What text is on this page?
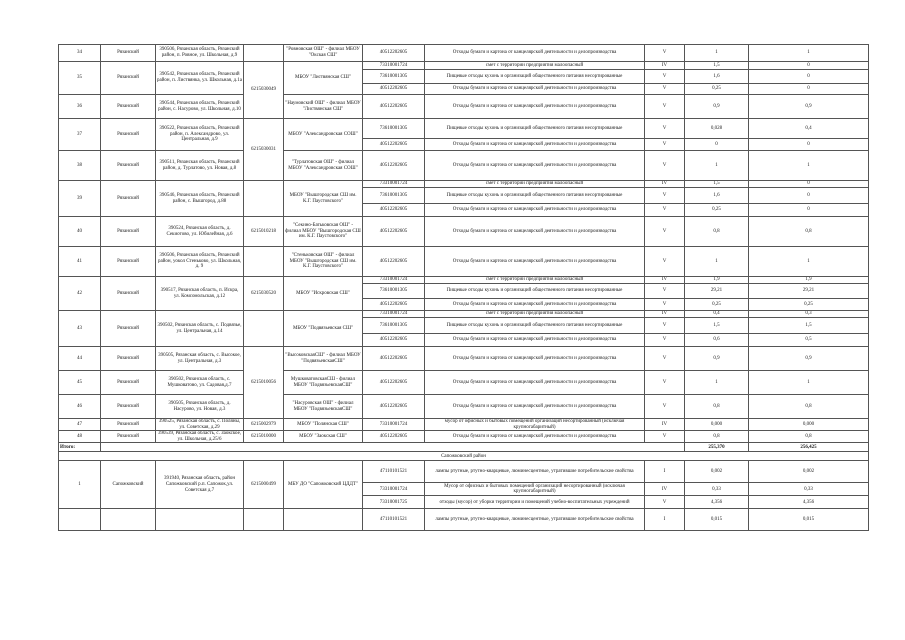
34	Рязанский	390506, Рязанская область, Рязанский район, п. Ровное, ул. Школьная, д.9		"Ровновская ОШ" - филиал МБОУ "Окская СШ"	40512202605	Отходы бумаги и картона от канцелярской деятельности и делопроизводства	V	1	1
35	Рязанский	390542, Рязанская область, Рязанский район, п. Листвянка, ул. Школьная, д.1а	6215030049	МБОУ "Листвянская СШ"	73310001724	смет с территории предприятия малоопасный	IV	1,5	0
					73610001305	Пищевые отходы кухонь и организаций общественного питания несортированные	V	1,6	0
					40512202605	Отходы бумаги и картона от канцелярской деятельности и делопроизводства	V	0,25	0
36	Рязанский	390544, Рязанская область, Рязанский район, с. Насурово, ул. Школьная, д.10		"Наумовский ОШ" - филиал МБОУ "Листвянская СШ"	40512202605	Отходы бумаги и картона от канцелярской деятельности и делопроизводства	V	0,9	0,9
37	Рязанский	390522, Рязанская область, Рязанский район, п. Александрово, ул. Центральная, д.9	6215030031	МБОУ "Александровская СОШ"	73610001305	Пищевые отходы кухонь и организаций общественного питания несортированные	V	0,028	0,4
					40512202605	Отходы бумаги и картона от канцелярской деятельности и делопроизводства	V	0	0
38	Рязанский	390511, Рязанская область, Рязанский район, д. Турлатово, ул. Новая, д.8		"Турлатовская ОШ" - филиал МБОУ "Александровская СОШ"	40512202605	Отходы бумаги и картона от канцелярской деятельности и делопроизводства	V	1	1
39	Рязанский	390546, Рязанская область, Рязанский район, с. Вышгород, д.88		МБОУ "Вышгородская СШ им. К.Г. Паустовского"	73310001724	смет с территории предприятия малоопасный	IV	1,5	0
					73610001305	Пищевые отходы кухонь и организаций общественного питания несортированные	V	1,6	0
					40512202605	Отходы бумаги и картона от канцелярской деятельности и делопроизводства	V	0,25	0
40	Рязанский	390524, Рязанская область, д. Секиотово, ул. Юбилейная, д.6	6215010218	"Секино-Батьковская ОШ" - филиал МБОУ "Вышгородская СШ им. К.Г. Паустовского"	40512202605	Отходы бумаги и картона от канцелярской деятельности и делопроизводства	V	0,8	0,8
41	Рязанский	390506, Рязанская область, Рязанский район, уокол Стеньково, ул. Школьная, д. 9		"Стеньковская ОШ" - филиал МБОУ "Вышгородская СШ им. К.Г. Паустовского"	40512202605	Отходы бумаги и картона от канцелярской деятельности и делопроизводства	V	1	1
42	Рязанский	390517, Рязанская область, п. Искра, ул. Комсомольская, д.12	6215030520	МБОУ "Искровская СШ"	73310001724	смет с территории предприятия малоопасный	IV	1,9	1,9
					73610001305	Пищевые отходы кухонь и организаций общественного питания несортированные	V	29,21	29,21
					40512202605	Отходы бумаги и картона от канцелярской деятельности и делопроизводства	V	0,25	0,25
43	Рязанский	390502, Рязанская область, с. Подвязье, ул. Центральная, д.14		МБОУ "Подвязьевская СШ"	73310001724	смет с территории предприятия малоопасный	IV	0,4	0,3
					73610001305	Пищевые отходы кухонь и организаций общественного питания несортированные	V	1,5	1,5
					40512202605	Отходы бумаги и картона от канцелярской деятельности и делопроизводства	V	0,6	0,5
44	Рязанский	390505, Рязанская область, с. Высокое, ул. Центральная, д.3	6215010056	"ВысоковскаяСШ" - филиал МБОУ "ПодвязьевскаяСШ"	40512202605	Отходы бумаги и картона от канцелярской деятельности и делопроизводства	V	0,9	0,9
45	Рязанский	390502, Рязанская область, с. Мушковатово, ул. Садовая,д.7		МушковатовскаяСШ - филиал МБОУ "ПодвязьевскаяСШ"	40512202605	Отходы бумаги и картона от канцелярской деятельности и делопроизводства	V	1	1
46	Рязанский	390505, Рязанская область, д. Насурово, ул. Новая, д.3		"Насуровская ОШ" - филиал МБОУ "ПодвязьевскаяСШ"	40512202605	Отходы бумаги и картона от канцелярской деятельности и делопроизводства	V	0,8	0,8
47	Рязанский	390525, Рязанская область, с. Поляны, ул. Советская, д.29	6215002979	МБОУ "Полянская СШ"	73310001724	мусор от офисных и бытовых помещений организаций несортированный (исключая крупногабаритный)	IV	0,000	0,000
48	Рязанский	390539, Рязанская область, с. Заокское, ул. Школьная, д.25/6	6215010000	МБОУ "Заокская СШ"	40512202605	Отходы бумаги и картона от канцелярской деятельности и делопроизводства	V	0,8	0,8
Итого:								255,370	256,425
Сапожковский район									
1	Сапожковский	391940, Рязанская область, район Сапожковский р.п. Сапожок,ул. Советская д.7	6215000499	МБУ ДО "Сапожковский ЦДДТ"	47110101521	лампы ртутные, ртутно-кварцевые, люминесцентные, утратившие потребительские свойства	I	0,002	0,002
					73310001724	Мусор от офисных и бытовых помещений организаций несортированный (исключая крупногабаритный)	IV	0,33	0,33
					73310001725	отходы (мусор) от уборки территории и помещений учебно-воспитательных учреждений	V	4,356	4,356
					47110101521	лампы ртутные, ртутно-кварцевые, люминесцентные, утратившие потребительские свойства	I	0,015	0,015
